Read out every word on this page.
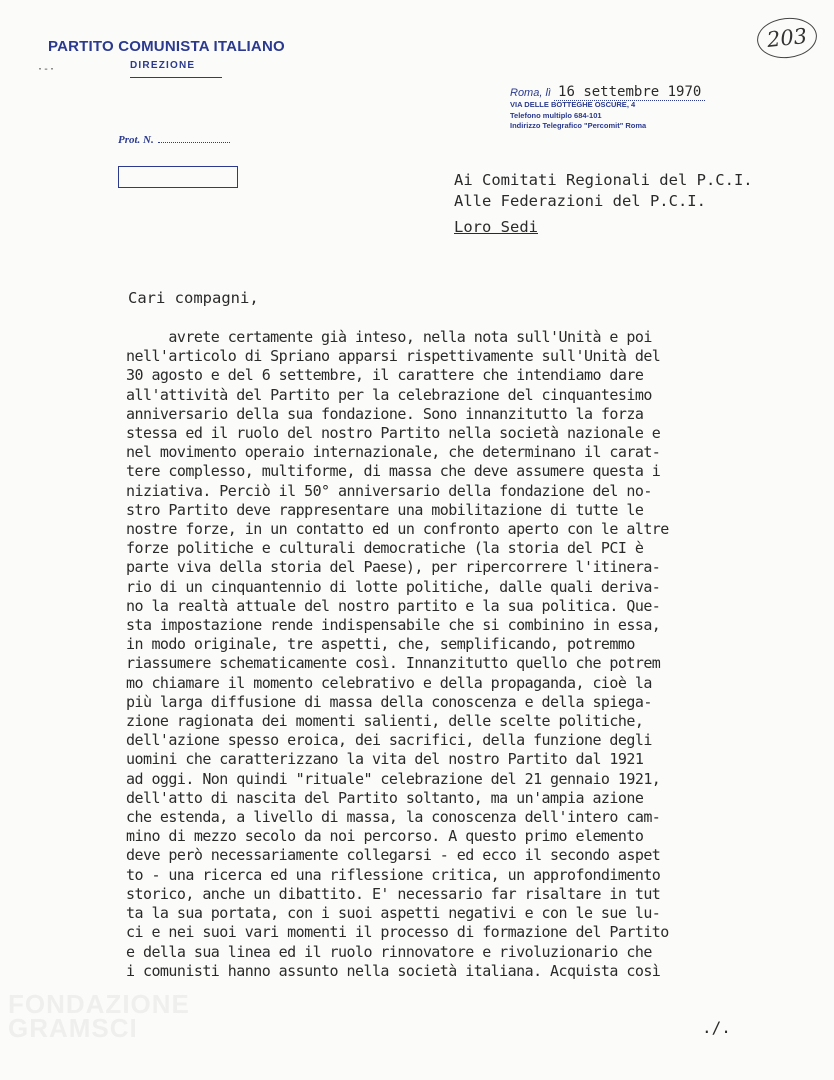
PARTITO COMUNISTA ITALIANO
DIREZIONE
·-·
203
Roma, lì 16 settembre 1970
VIA DELLE BOTTEGHE OSCURE, 4
Telefono multiplo 684-101
Indirizzo Telegrafico "Percomit" Roma
Prot. N.
Ai Comitati Regionali del P.C.I.
Alle Federazioni del P.C.I.
Loro Sedi
Cari compagni,
avrete certamente già inteso, nella nota sull'Unità e poi
nell'articolo di Spriano apparsi rispettivamente sull'Unità del
30 agosto e del 6 settembre, il carattere che intendiamo dare
all'attività del Partito per la celebrazione del cinquantesimo
anniversario della sua fondazione. Sono innanzitutto la forza
stessa ed il ruolo del nostro Partito nella società nazionale e
nel movimento operaio internazionale, che determinano il carat-
tere complesso, multiforme, di massa che deve assumere questa i
niziativa. Perciò il 50° anniversario della fondazione del no-
stro Partito deve rappresentare una mobilitazione di tutte le
nostre forze, in un contatto ed un confronto aperto con le altre
forze politiche e culturali democratiche (la storia del PCI è
parte viva della storia del Paese), per ripercorrere l'itinera-
rio di un cinquantennio di lotte politiche, dalle quali deriva-
no la realtà attuale del nostro partito e la sua politica. Que-
sta impostazione rende indispensabile che si combinino in essa,
in modo originale, tre aspetti, che, semplificando, potremmo
riassumere schematicamente così. Innanzitutto quello che potrem
mo chiamare il momento celebrativo e della propaganda, cioè la
più larga diffusione di massa della conoscenza e della spiega-
zione ragionata dei momenti salienti, delle scelte politiche,
dell'azione spesso eroica, dei sacrifici, della funzione degli
uomini che caratterizzano la vita del nostro Partito dal 1921
ad oggi. Non quindi "rituale" celebrazione del 21 gennaio 1921,
dell'atto di nascita del Partito soltanto, ma un'ampia azione
che estenda, a livello di massa, la conoscenza dell'intero cam-
mino di mezzo secolo da noi percorso. A questo primo elemento
deve però necessariamente collegarsi - ed ecco il secondo aspet
to - una ricerca ed una riflessione critica, un approfondimento
storico, anche un dibattito. E' necessario far risaltare in tut
ta la sua portata, con i suoi aspetti negativi e con le sue lu-
ci e nei suoi vari momenti il processo di formazione del Partito
e della sua linea ed il ruolo rinnovatore e rivoluzionario che
i comunisti hanno assunto nella società italiana. Acquista così
./.
FONDAZIONE
GRAMSCI
